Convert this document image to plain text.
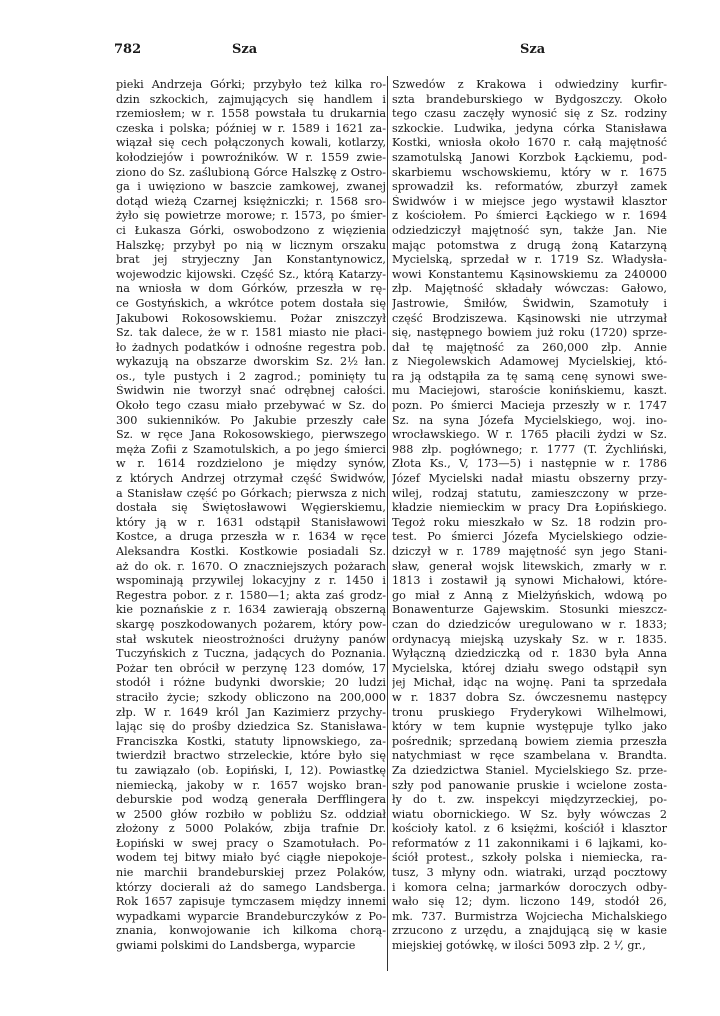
782	Sza	Sza
pieki Andrzeja Górki; przybyło też kilka ro-
dzin szkockich, zajmujących się handlem i
rzemiosłem; w r. 1558 powstała tu drukarnia
czeska i polska; później w r. 1589 i 1621 za-
wiązał się cech połączonych kowali, kotlarzy,
kołodziejów i powroźników. W r. 1559 zwie-
ziono do Sz. zaślubioną Górce Halszkę z Ostro-
ga i uwięziono w baszcie zamkowej, zwanej
dotąd wieżą Czarnej księżniczki; r. 1568 sro-
żyło się powietrze morowe; r. 1573, po śmier-
ci Łukasza Górki, oswobodzono z więzienia
Halszkę; przybył po nią w licznym orszaku
brat jej stryjeczny Jan Konstantynowicz,
wojewodzic kijowski. Część Sz., którą Katarzy-
na wniosła w dom Górków, przeszła w rę-
ce Gostyńskich, a wkrótce potem dostała się
Jakubowi Rokosowskiemu. Pożar zniszczył
Sz. tak dalece, że w r. 1581 miasto nie płaci-
ło żadnych podatków i odnośne regestra pob.
wykazują na obszarze dworskim Sz. 2½ łan.
os., tyle pustych i 2 zagrod.; pominięty tu
Świdwin nie tworzył snać odrębnej całości.
Około tego czasu miało przebywać w Sz. do
300 sukienników. Po Jakubie przeszły całe
Sz. w ręce Jana Rokosowskiego, pierwszego
męża Zofii z Szamotulskich, a po jego śmierci
w r. 1614 rozdzielono je między synów,
z których Andrzej otrzymał część Świdwów,
a Stanisław część po Górkach; pierwsza z nich
dostała się Świętosławowi Węgierskiemu,
który ją w r. 1631 odstąpił Stanisławowi
Kostce, a druga przeszła w r. 1634 w ręce
Aleksandra Kostki. Kostkowie posiadali Sz.
aż do ok. r. 1670. O znaczniejszych pożarach
wspominają przywilej lokacyjny z r. 1450 i
Regestra pobor. z r. 1580—1; akta zaś grodz-
kie poznańskie z r. 1634 zawierają obszerną
skargę poszkodowanych pożarem, który pow-
stał wskutek nieostrożności drużyny panów
Tuczyńskich z Tuczna, jadących do Poznania.
Pożar ten obrócił w perzynę 123 domów, 17
stodół i różne budynki dworskie; 20 ludzi
straciło życie; szkody obliczono na 200,000
złp. W r. 1649 król Jan Kazimierz przychy-
lając się do prośby dziedzica Sz. Stanisława-
Franciszka Kostki, statuty lipnowskiego, za-
twierdził bractwo strzeleckie, które było się
tu zawiązało (ob. Łopiński, I, 12). Powiastkę
niemiecką, jakoby w r. 1657 wojsko bran-
deburskie pod wodzą generała Derfflingera
w 2500 głów rozbiło w pobliżu Sz. oddział
złożony z 5000 Polaków, zbija trafnie Dr.
Łopiński w swej pracy o Szamotułach. Po-
wodem tej bitwy miało być ciągłe niepokoje-
nie marchii brandeburskiej przez Polaków,
którzy docierali aż do samego Landsberga.
Rok 1657 zapisuje tymczasem między innemi
wypadkami wyparcie Brandeburczyków z Po-
znania, konwojowanie ich kilkoma chorą-
gwiami polskimi do Landsberga, wyparcie
Szwedów z Krakowa i odwiedziny kurfir-
szta brandeburskiego w Bydgoszczy. Około
tego czasu zaczęły wynosić się z Sz. rodziny
szkockie. Ludwika, jedyna córka Stanisława
Kostki, wniosła około 1670 r. całą majętność
szamotulską Janowi Korzbok Łąckiemu, pod-
skarbiemu wschowskiemu, który w r. 1675
sprowadził ks. reformatów, zburzył zamek
Świdwów i w miejsce jego wystawił klasztor
z kościołem. Po śmierci Łąckiego w r. 1694
odziedziczył majętność syn, także Jan. Nie
mając potomstwa z drugą żoną Katarzyną
Mycielską, sprzedał w r. 1719 Sz. Władysła-
wowi Konstantemu Kąsinowskiemu za 240000
złp. Majętność składały wówczas: Gałowo,
Jastrowie, Śmiłów, Świdwin, Szamotuły i
część Brodziszewa. Kąsinowski nie utrzymał
się, następnego bowiem już roku (1720) sprze-
dał tę majętność za 260,000 złp. Annie
z Niegolewskich Adamowej Mycielskiej, któ-
ra ją odstąpiła za tę samą cenę synowi swe-
mu Maciejowi, staroście konińskiemu, kaszt.
pozn. Po śmierci Macieja przeszły w r. 1747
Sz. na syna Józefa Mycielskiego, woj. ino-
wrocławskiego. W r. 1765 płacili żydzi w Sz.
988 złp. pogłównego; r. 1777 (T. Żychliński,
Złota Ks., V, 173—5) i następnie w r. 1786
Józef Mycielski nadał miastu obszerny przy-
wilej, rodzaj statutu, zamieszczony w prze-
kładzie niemieckim w pracy Dra Łopińskiego.
Tegoż roku mieszkało w Sz. 18 rodzin pro-
test. Po śmierci Józefa Mycielskiego odzie-
dziczył w r. 1789 majętność syn jego Stani-
sław, generał wojsk litewskich, zmarły w r.
1813 i zostawił ją synowi Michałowi, które-
go miał z Anną z Mielżyńskich, wdową po
Bonawenturze Gajewskim. Stosunki mieszcz-
czan do dziedziców uregulowano w r. 1833;
ordynacyą miejską uzyskały Sz. w r. 1835.
Wyłączną dziedziczką od r. 1830 była Anna
Mycielska, której działu swego odstąpił syn
jej Michał, idąc na wojnę. Pani ta sprzedała
w r. 1837 dobra Sz. ówczesnemu następcy
tronu pruskiego Fryderykowi Wilhelmowi,
który w tem kupnie występuje tylko jako
pośrednik; sprzedaną bowiem ziemia przeszła
natychmiast w ręce szambelana v. Brandta.
Za dziedzictwa Staniel. Mycielskiego Sz. prze-
szły pod panowanie pruskie i wcielone zosta-
ły do t. zw. inspekcyi międzyrzeckiej, po-
wiatu obornickiego. W Sz. były wówczas 2
kościoły katol. z 6 księżmi, kościół i klasztor
reformatów z 11 zakonnikami i 6 lajkami, ko-
ściół protest., szkoły polska i niemiecka, ra-
tusz, 3 młyny odn. wiatraki, urząd pocztowy
i komora celna; jarmarków doroczych odby-
wało się 12; dym. liczono 149, stodół 26,
mk. 737. Burmistrza Wojciecha Michalskiego
zrzucono z urzędu, a znajdującą się w kasie
miejskiej gotówkę, w ilości 5093 złp. 2 ⅟, gr.,
